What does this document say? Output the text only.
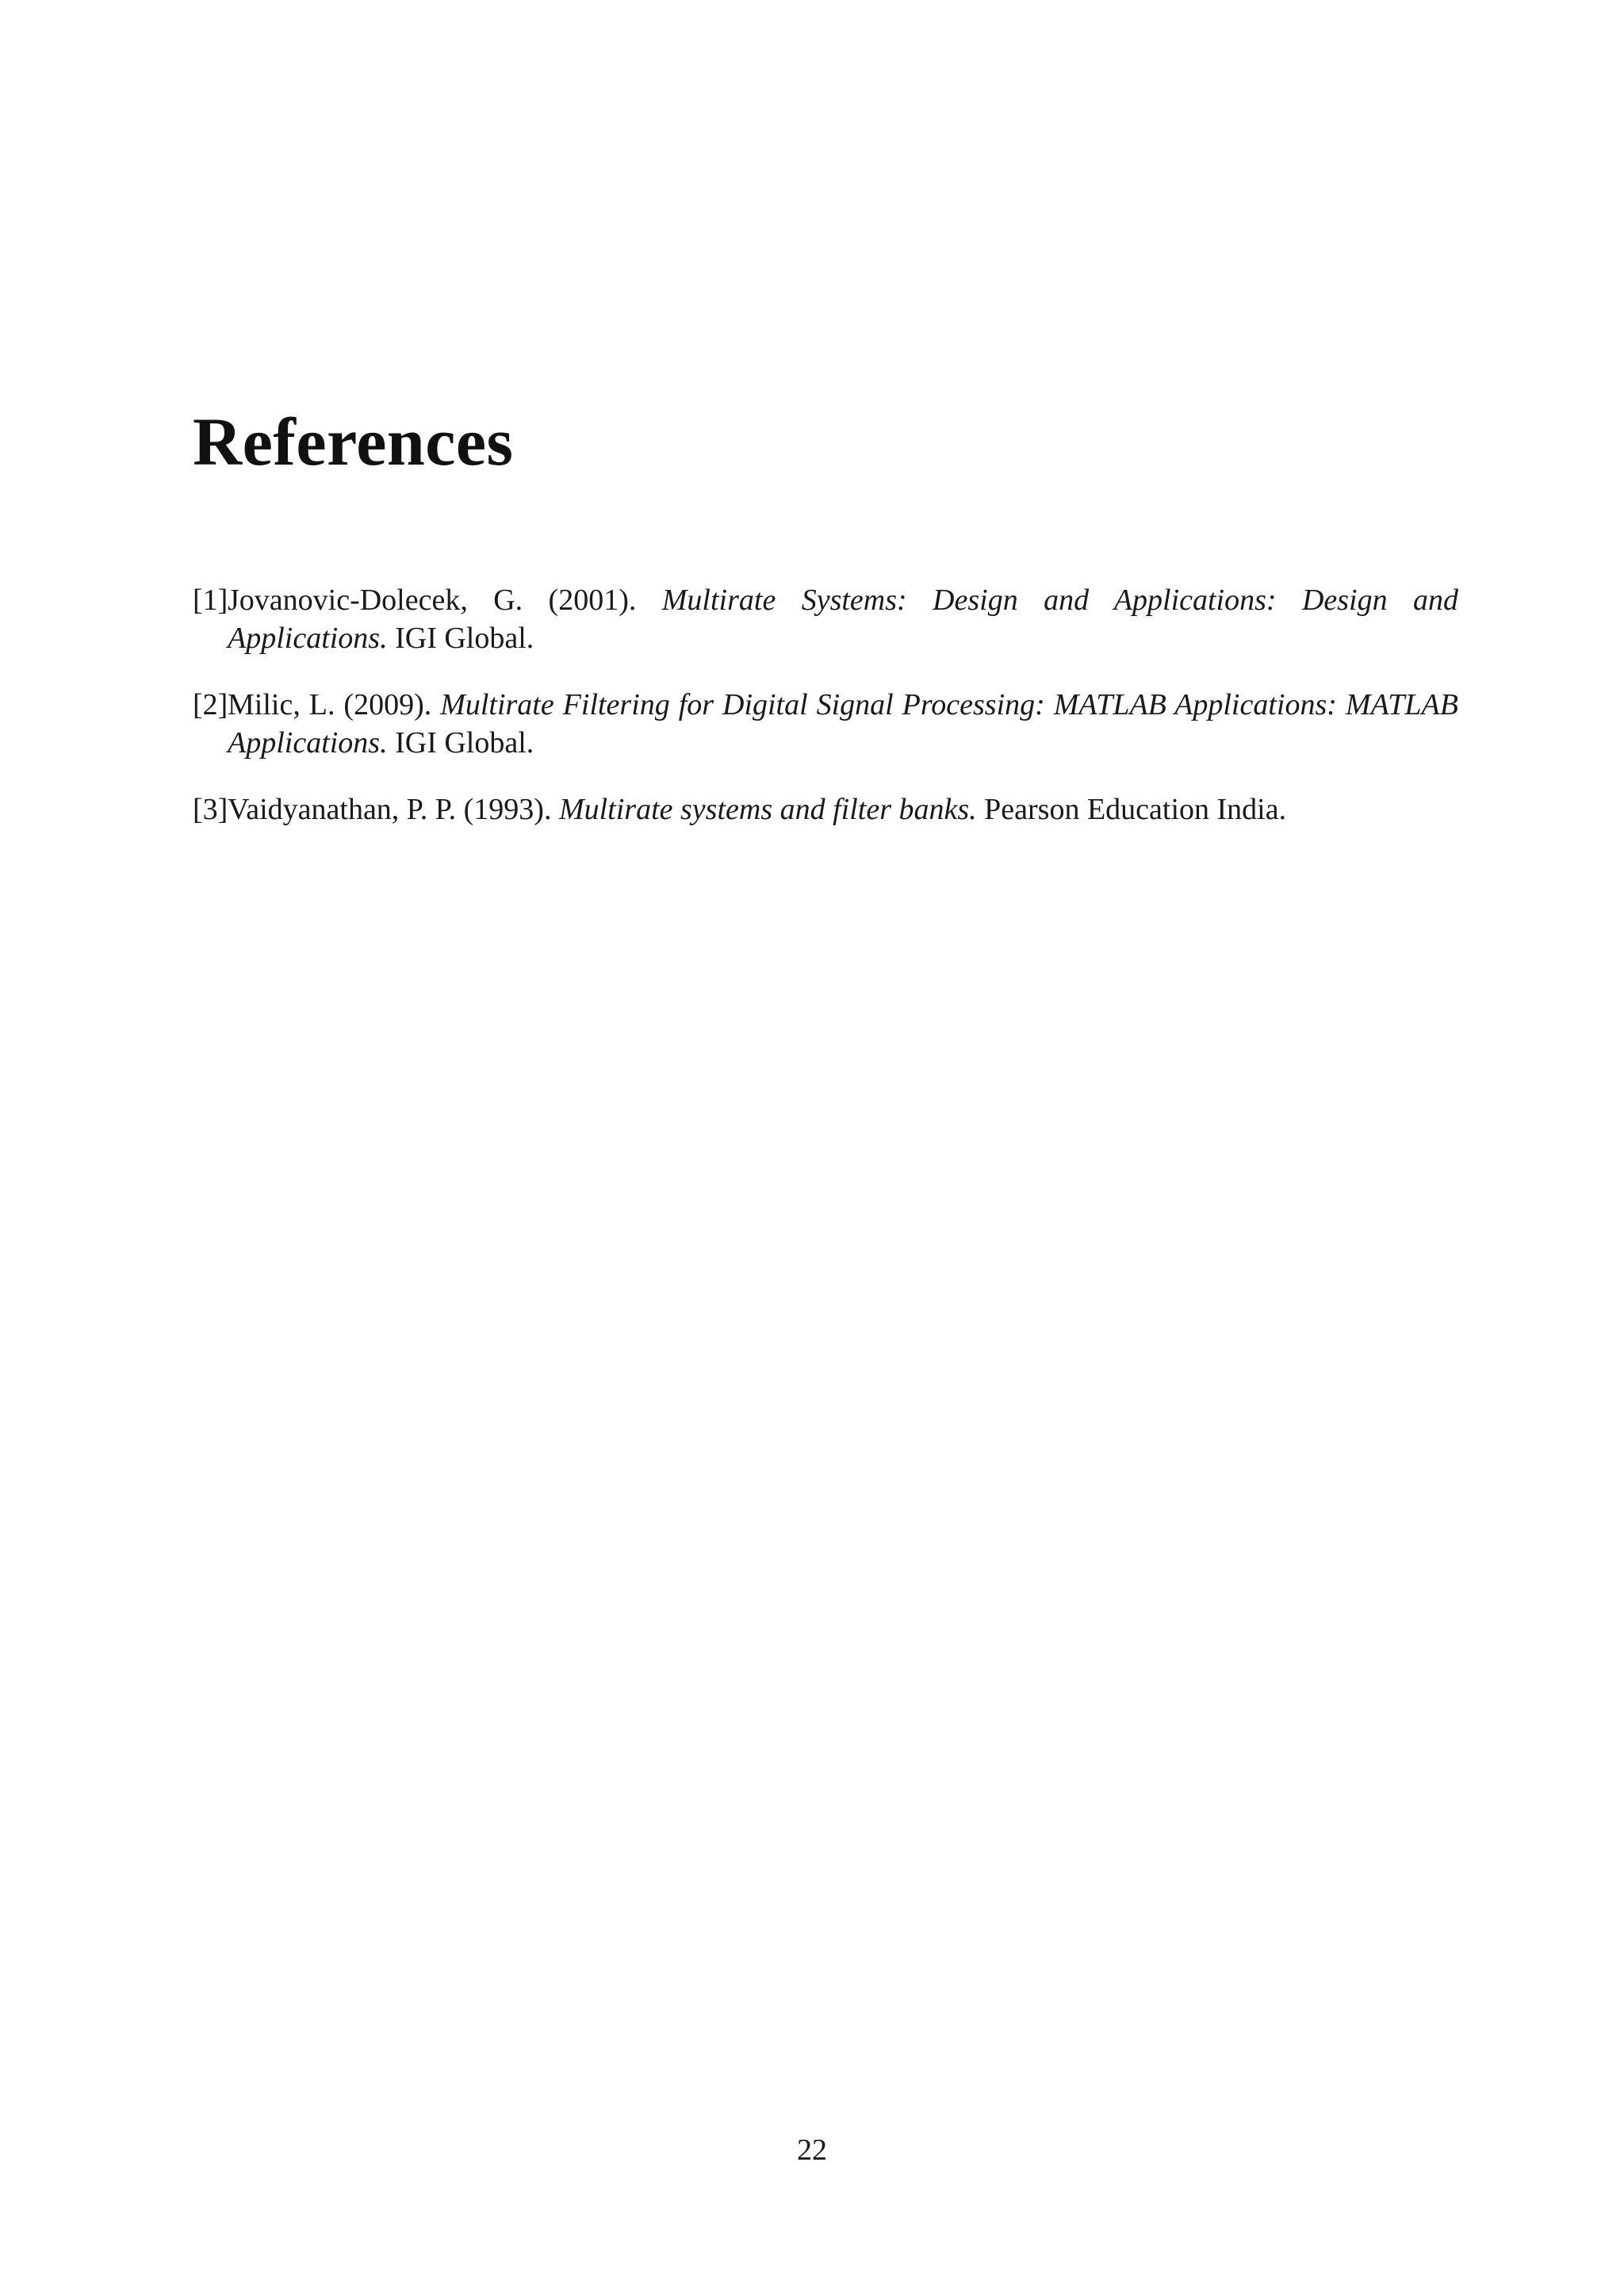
References
[1] Jovanovic-Dolecek, G. (2001). Multirate Systems: Design and Applications: Design and Applications. IGI Global.
[2] Milic, L. (2009). Multirate Filtering for Digital Signal Processing: MATLAB Applications: MATLAB Applications. IGI Global.
[3] Vaidyanathan, P. P. (1993). Multirate systems and filter banks. Pearson Education India.
22
